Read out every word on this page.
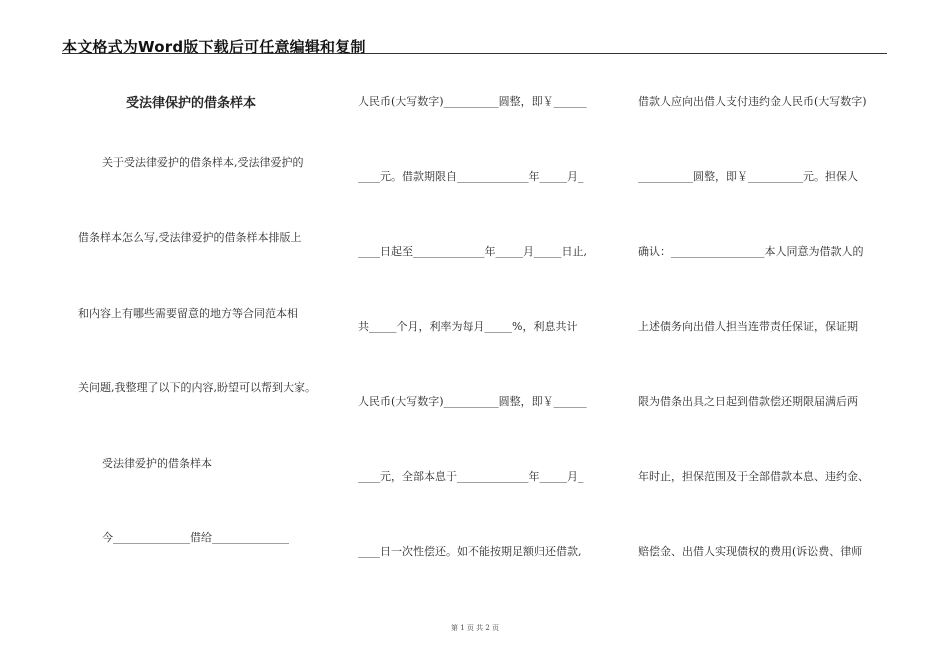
本文格式为Word版下载后可任意编辑和复制
受法律保护的借条样本
关于受法律爱护的借条样本,受法律爱护的
借条样本怎么写,受法律爱护的借条样本排版上
和内容上有哪些需要留意的地方等合同范本相
关问题,我整理了以下的内容,盼望可以帮到大家。
受法律爱护的借条样本
今______________借给______________
人民币(大写数字)__________圆整，即￥______
____元。借款期限自_____________年_____月_
____日起至_____________年_____月_____日止,
共_____个月，利率为每月_____%，利息共计
人民币(大写数字)__________圆整，即￥______
____元，全部本息于_____________年_____月_
____日一次性偿还。如不能按期足额归还借款,
借款人应向出借人支付违约金人民币(大写数字)
__________圆整，即￥__________元。担保人
确认：_________________本人同意为借款人的
上述债务向出借人担当连带责任保证，保证期
限为借条出具之日起到借款偿还期限届满后两
年时止，担保范围及于全部借款本息、违约金、
赔偿金、出借人实现债权的费用(诉讼费、律师
第 1 页 共 2 页
